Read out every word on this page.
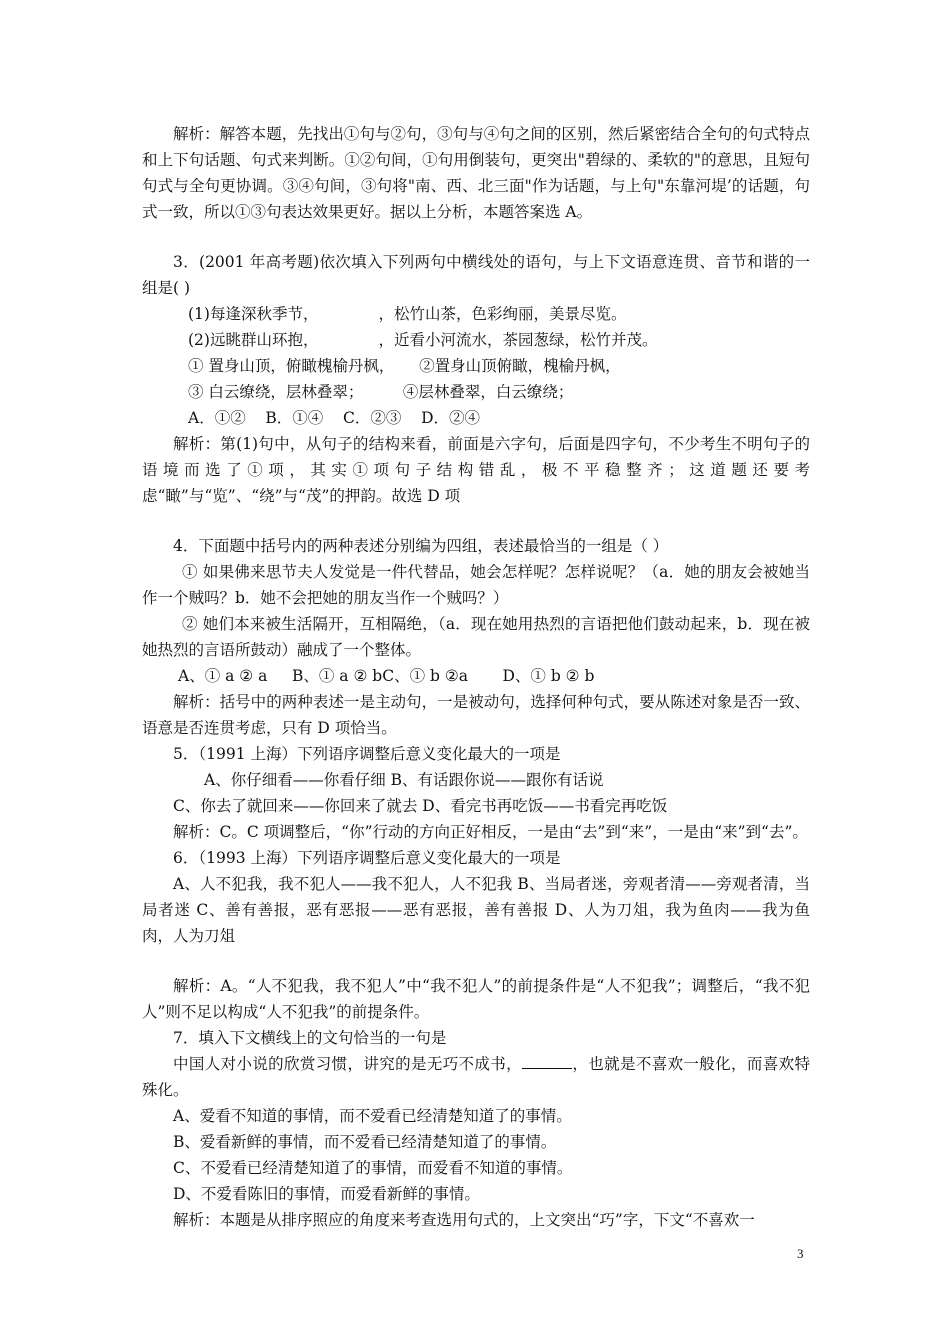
解析：解答本题，先找出①句与②句，③句与④句之间的区别，然后紧密结合全句的句式特点和上下句话题、句式来判断。①②句间，①句用倒装句，更突出"碧绿的、柔软的"的意思，且短句句式与全句更协调。③④句间，③句将"南、西、北三面"作为话题，与上句"东靠河堤’的话题，句式一致，所以①③句表达效果更好。据以上分析，本题答案选 A。

3．(2001 年高考题)依次填入下列两句中横线处的语句，与上下文语意连贯、音节和谐的一组是( )

(1)每逢深秋季节，	，松竹山茶，色彩绚丽，美景尽览。

(2)远眺群山环抱，	，近看小河流水，茶园葱绿，松竹并茂。

① 置身山顶，俯瞰槐榆丹枫，     ②置身山顶俯瞰，槐榆丹枫，

③ 白云缭绕，层林叠翠；        ④层林叠翠，白云缭绕；

A．①②    B．①④    C．②③    D．②④

解析：第(1)句中，从句子的结构来看，前面是六字句，后面是四字句，不少考生不明句子的语境而选了①项，其实①项句子结构错乱，极不平稳整齐；这道题还要考虑“瞰”与“览”、“绕”与“茂”的押韵。故选 D 项

4．下面题中括号内的两种表述分别编为四组，表述最恰当的一组是（ ）

① 如果佛来思节夫人发觉是一件代替品，她会怎样呢？怎样说呢？（a．她的朋友会被她当作一个贼吗？b．她不会把她的朋友当作一个贼吗？）

② 她们本来被生活隔开，互相隔绝，（a．现在她用热烈的言语把他们鼓动起来，b．现在被她热烈的言语所鼓动）融成了一个整体。

A、① a ② a     B、① a ② bC、① b ②a       D、① b ② b

解析：括号中的两种表述一是主动句，一是被动句，选择何种句式，要从陈述对象是否一致、语意是否连贯考虑，只有 D 项恰当。

5．（1991 上海）下列语序调整后意义变化最大的一项是

A、你仔细看——你看仔细 B、有话跟你说——跟你有话说

C、你去了就回来——你回来了就去 D、看完书再吃饭——书看完再吃饭

解析：C。C 项调整后，“你”行动的方向正好相反，一是由“去”到“来”，一是由“来”到“去”。

6．（1993 上海）下列语序调整后意义变化最大的一项是

A、人不犯我，我不犯人——我不犯人，人不犯我 B、当局者迷，旁观者清——旁观者清，当局者迷 C、善有善报，恶有恶报——恶有恶报，善有善报 D、人为刀俎，我为鱼肉——我为鱼肉，人为刀俎

解析：A。“人不犯我，我不犯人”中“我不犯人”的前提条件是“人不犯我”；调整后，“我不犯人”则不足以构成“人不犯我”的前提条件。

7．填入下文横线上的文句恰当的一句是

中国人对小说的欣赏习惯，讲究的是无巧不成书，	，也就是不喜欢一般化，而喜欢特殊化。

A、爱看不知道的事情，而不爱看已经清楚知道了的事情。

B、爱看新鲜的事情，而不爱看已经清楚知道了的事情。

C、不爱看已经清楚知道了的事情，而爱看不知道的事情。

D、不爱看陈旧的事情，而爱看新鲜的事情。

解析：本题是从排序照应的角度来考查选用句式的，上文突出“巧”字，下文“不喜欢一

3
